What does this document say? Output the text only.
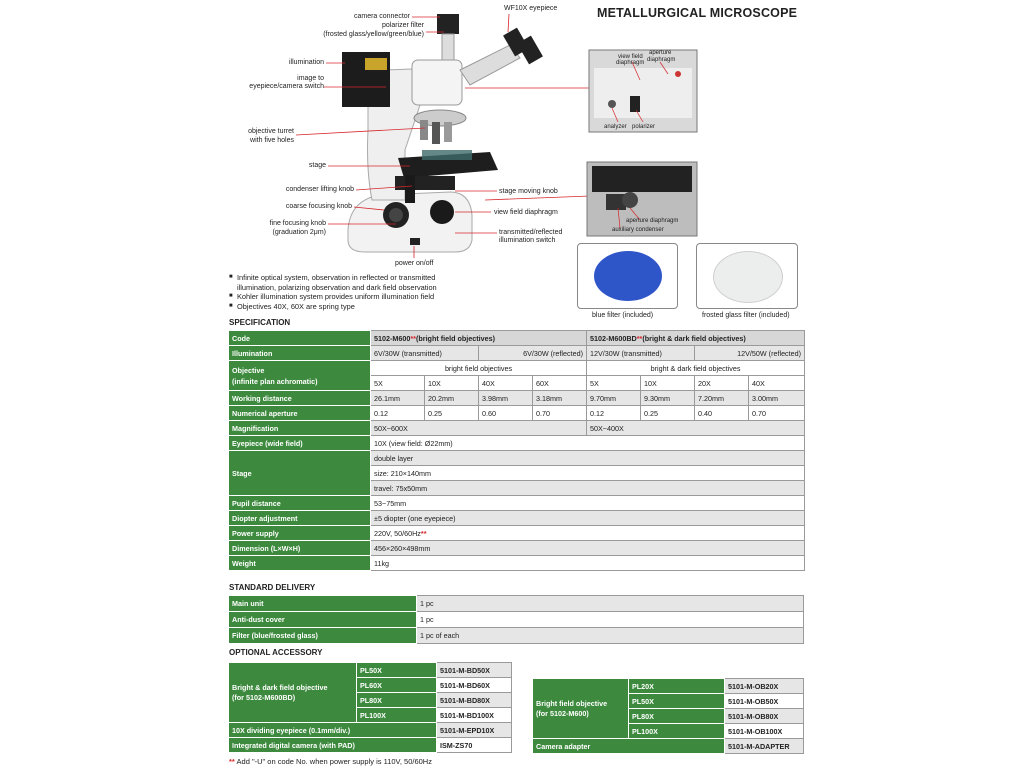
METALLURGICAL MICROSCOPE
camera connector
polarizer filter
(frosted glass/yellow/green/blue)
WF10X eyepiece
illumination
image to
eyepiece/camera switch
objective turret
with five holes
stage
condenser lifting knob
coarse focusing knob
fine focusing knob
(graduation 2μm)
stage moving knob
view field diaphragm
transmitted/reflected
illumination switch
power on/off
view field
diaphragm
aperture
diaphragm
analyzer polarizer
aperture diaphragm
auxiliary condenser
blue filter (included)	frosted glass filter (included)
■ Infinite optical system, observation in reflected or transmitted
illumination, polarizing observation and dark field observation
■ Kohler illumination system provides uniform illumination field
■ Objectives 40X, 60X are spring type
SPECIFICATION
Code	5102-M600**(bright field objectives)				5102-M600BD**(bright & dark field objectives)			
Illumination	6V/30W (transmitted)		6V/30W (reflected)		12V/30W (transmitted)		12V/50W (reflected)	

Objective
(infinite plan achromatic)	bright field objectives				bright & dark field objectives			
	5X	10X	40X	60X	5X	10X	20X	40X
Working distance	26.1mm	20.2mm	3.98mm	3.18mm	9.70mm	9.30mm	7.20mm	3.00mm
Numerical aperture	0.12	0.25	0.60	0.70	0.12	0.25	0.40	0.70
Magnification	50X~600X				50X~400X			
Eyepiece (wide field)	10X (view field: Ø22mm)							
Stage	double layer							
	size: 210×140mm							
	travel: 75x50mm							
Pupil distance	53~75mm							
Diopter adjustment	±5 diopter (one eyepiece)							
Power supply	220V, 50/60Hz**							
Dimension (L×W×H)	456×260×498mm							
Weight	11kg							
STANDARD DELIVERY
Main unit	1 pc
Anti-dust cover	1 pc
Filter (blue/frosted glass)	1 pc of each
OPTIONAL ACCESSORY
Bright & dark field objective
(for 5102-M600BD)	PL50X	5101-M-BD50X
	PL60X	5101-M-BD60X
	PL80X	5101-M-BD80X
	PL100X	5101-M-BD100X
10X dividing eyepiece (0.1mm/div.)		5101-M-EPD10X
Integrated digital camera (with PAD)		ISM-ZS70
Bright field objective
(for 5102-M600)	PL20X	5101-M-OB20X
	PL50X	5101-M-OB50X
	PL80X	5101-M-OB80X
	PL100X	5101-M-OB100X
Camera adapter		5101-M-ADAPTER
** Add "-U" on code No. when power supply is 110V, 50/60Hz
